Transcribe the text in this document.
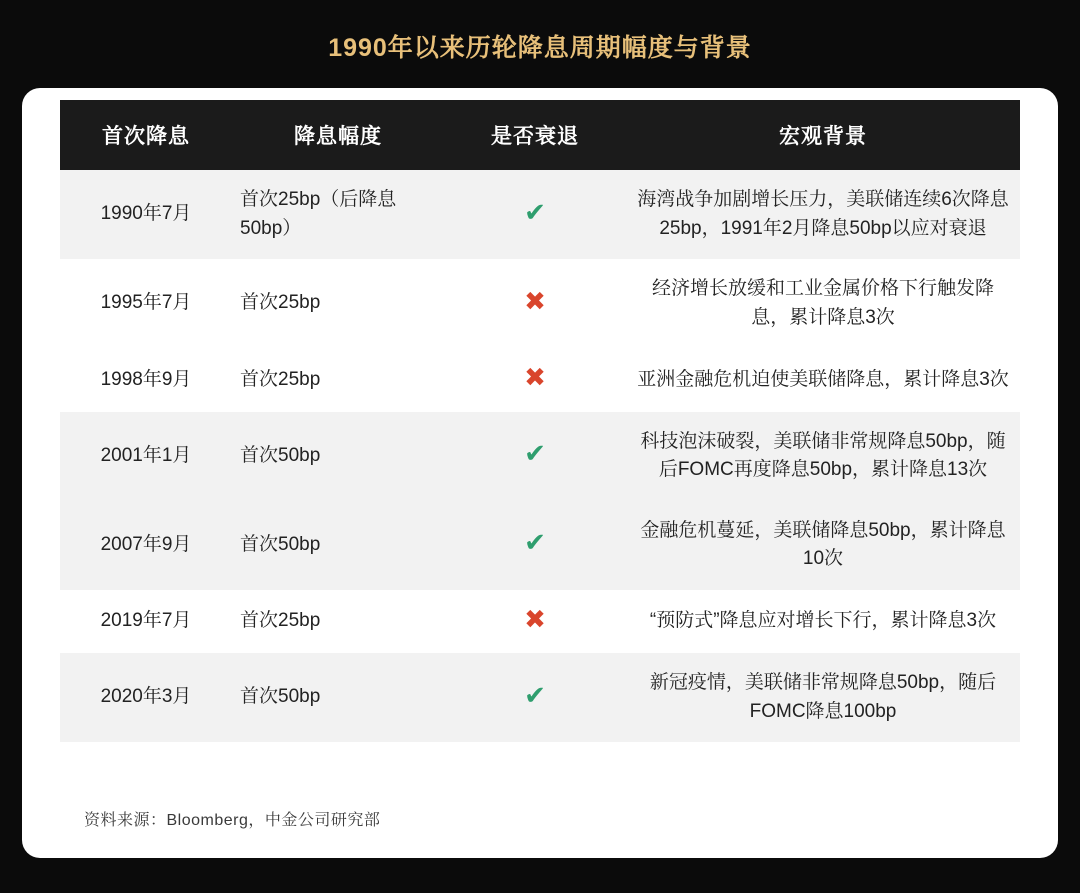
1990年以来历轮降息周期幅度与背景
首次降息	降息幅度	是否衰退	宏观背景
1990年7月	首次25bp（后降息50bp）	✔	海湾战争加剧增长压力，美联储连续6次降息25bp，1991年2月降息50bp以应对衰退
1995年7月	首次25bp	✖	经济增长放缓和工业金属价格下行触发降息，累计降息3次
1998年9月	首次25bp	✖	亚洲金融危机迫使美联储降息，累计降息3次
2001年1月	首次50bp	✔	科技泡沫破裂，美联储非常规降息50bp，随后FOMC再度降息50bp，累计降息13次
2007年9月	首次50bp	✔	金融危机蔓延，美联储降息50bp，累计降息10次
2019年7月	首次25bp	✖	“预防式”降息应对增长下行，累计降息3次
2020年3月	首次50bp	✔	新冠疫情，美联储非常规降息50bp，随后FOMC降息100bp
资料来源：Bloomberg，中金公司研究部
